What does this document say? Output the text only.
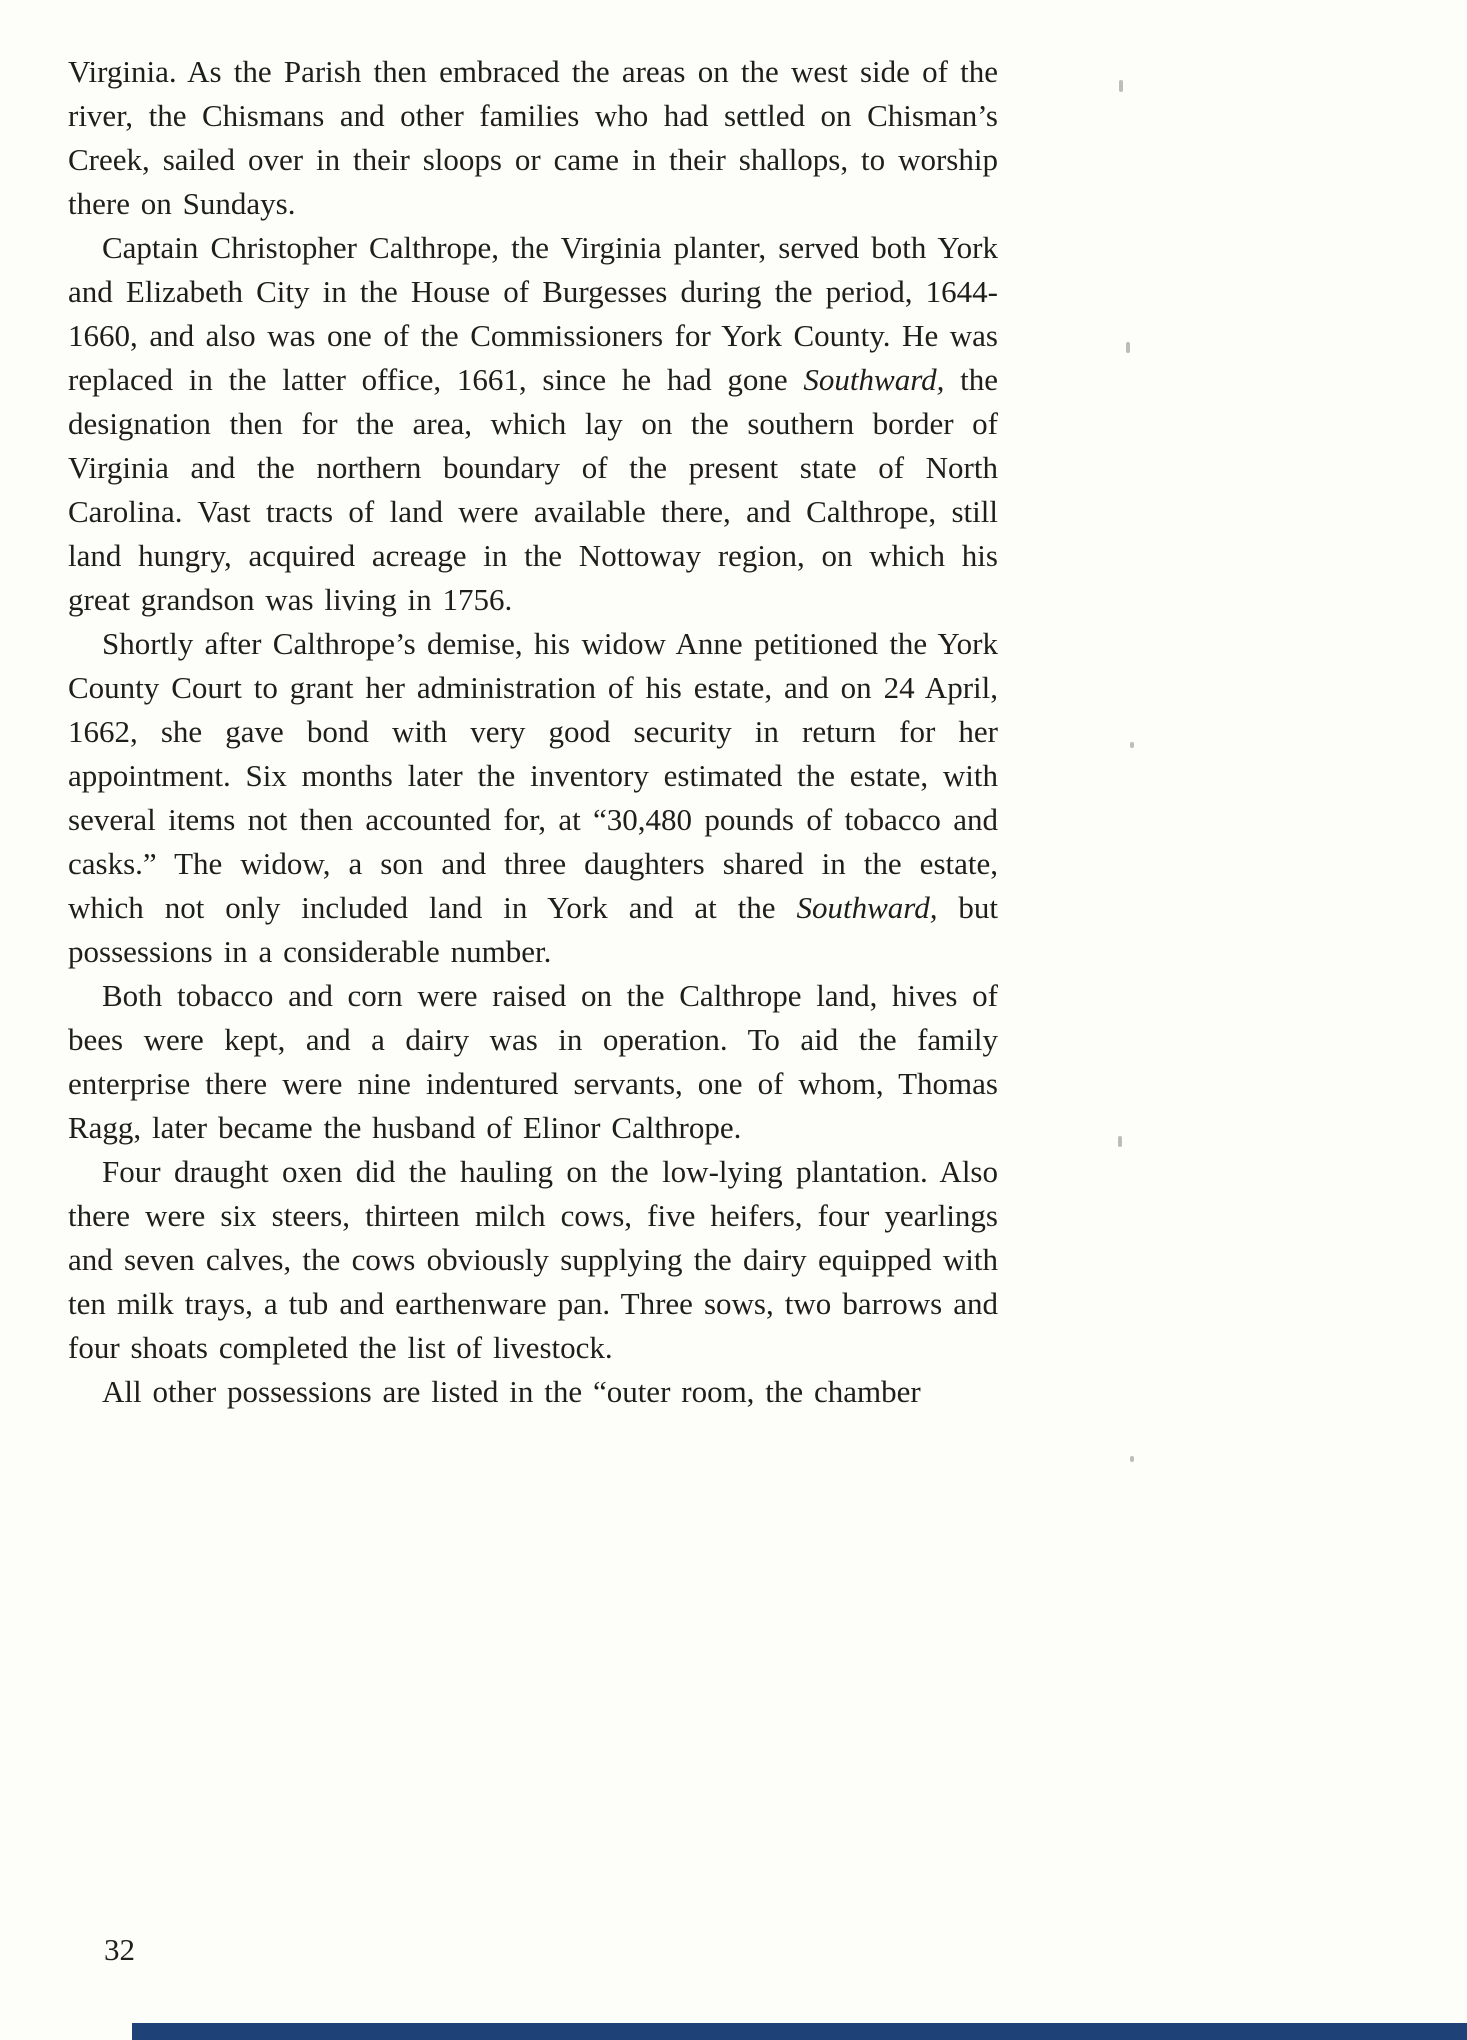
Virginia. As the Parish then embraced the areas on the west side of the river, the Chismans and other families who had settled on Chisman’s Creek, sailed over in their sloops or came in their shallops, to worship there on Sundays.

Captain Christopher Calthrope, the Virginia planter, served both York and Elizabeth City in the House of Burgesses during the period, 1644-1660, and also was one of the Commissioners for York County. He was replaced in the latter office, 1661, since he had gone Southward, the designation then for the area, which lay on the southern border of Virginia and the northern boundary of the present state of North Carolina. Vast tracts of land were available there, and Calthrope, still land hungry, acquired acreage in the Nottoway region, on which his great grandson was living in 1756.

Shortly after Calthrope’s demise, his widow Anne petitioned the York County Court to grant her administration of his estate, and on 24 April, 1662, she gave bond with very good security in return for her appointment. Six months later the inventory estimated the estate, with several items not then accounted for, at “30,480 pounds of tobacco and casks.” The widow, a son and three daughters shared in the estate, which not only included land in York and at the Southward, but possessions in a considerable number.

Both tobacco and corn were raised on the Calthrope land, hives of bees were kept, and a dairy was in operation. To aid the family enterprise there were nine indentured servants, one of whom, Thomas Ragg, later became the husband of Elinor Calthrope.

Four draught oxen did the hauling on the low-lying plantation. Also there were six steers, thirteen milch cows, five heifers, four yearlings and seven calves, the cows obviously supplying the dairy equipped with ten milk trays, a tub and earthenware pan. Three sows, two barrows and four shoats completed the list of livestock.

All other possessions are listed in the “outer room, the chamber

32
